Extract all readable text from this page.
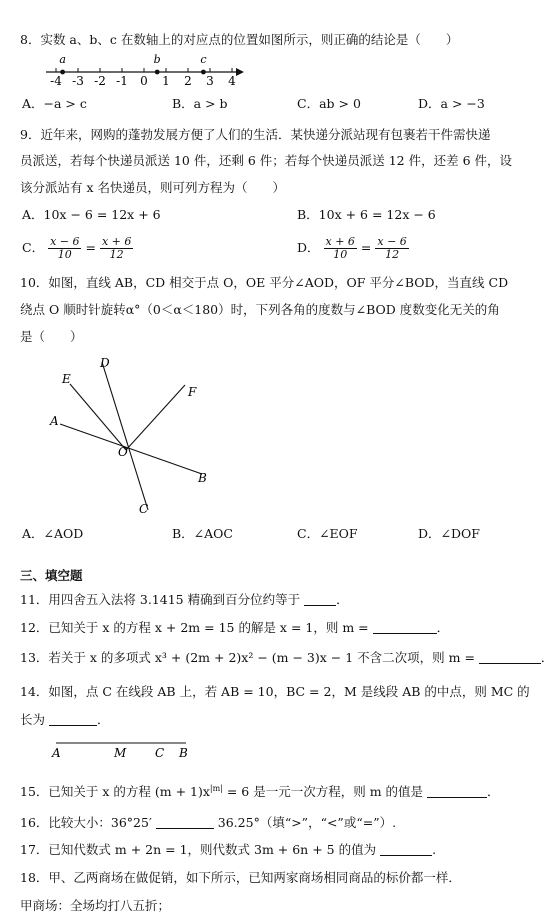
8．实数 a、b、c 在数轴上的对应点的位置如图所示，则正确的结论是（　　）
-4 -3 -2 -1 0 1 2 3 4
a	b	c
A．−a > c	B．a > b	C．ab > 0	D．a > −3
9．近年来，网购的蓬勃发展方便了人们的生活．某快递分派站现有包裹若干件需快递
员派送，若每个快递员派送 10 件，还剩 6 件；若每个快递员派送 12 件，还差 6 件，设
该分派站有 x 名快递员，则可列方程为（　　）
A．10x − 6 = 12x + 6	B．10x + 6 = 12x − 6
C． $\frac{x - 6}{10} = \frac{x + 6}{12}$	D． $\frac{x + 6}{10} = \frac{x - 6}{12}$
10．如图，直线 AB，CD 相交于点 O，OE 平分∠AOD，OF 平分∠BOD，当直线 CD
绕点 O 顺时针旋转α°（0＜α＜180）时，下列各角的度数与∠BOD 度数变化无关的角
是（　　）
D
E
F
A
O
B
C
A．∠AOD	B．∠AOC	C．∠EOF	D．∠DOF
三、填空题
11．用四舍五入法将 3.1415 精确到百分位约等于	．
12．已知关于 x 的方程 x + 2m = 15 的解是 x = 1，则 m =	．
13．若关于 x 的多项式 x³ + (2m + 2)x² − (m − 3)x − 1 不含二次项，则 m =	．
14．如图，点 C 在线段 AB 上，若 AB = 10，BC = 2，M 是线段 AB 的中点，则 MC 的
长为	．
A	M C B
15．已知关于 x 的方程 $(m + 1)x^{|m|} = 6$ 是一元一次方程，则 m 的值是	．
16．比较大小：36°25′	36.25°（填“>”，“<”或“=”）.
17．已知代数式 m + 2n = 1，则代数式 3m + 6n + 5 的值为	.
18．甲、乙两商场在做促销，如下所示，已知两家商场相同商品的标价都一样．
甲商场：全场均打八五折；
